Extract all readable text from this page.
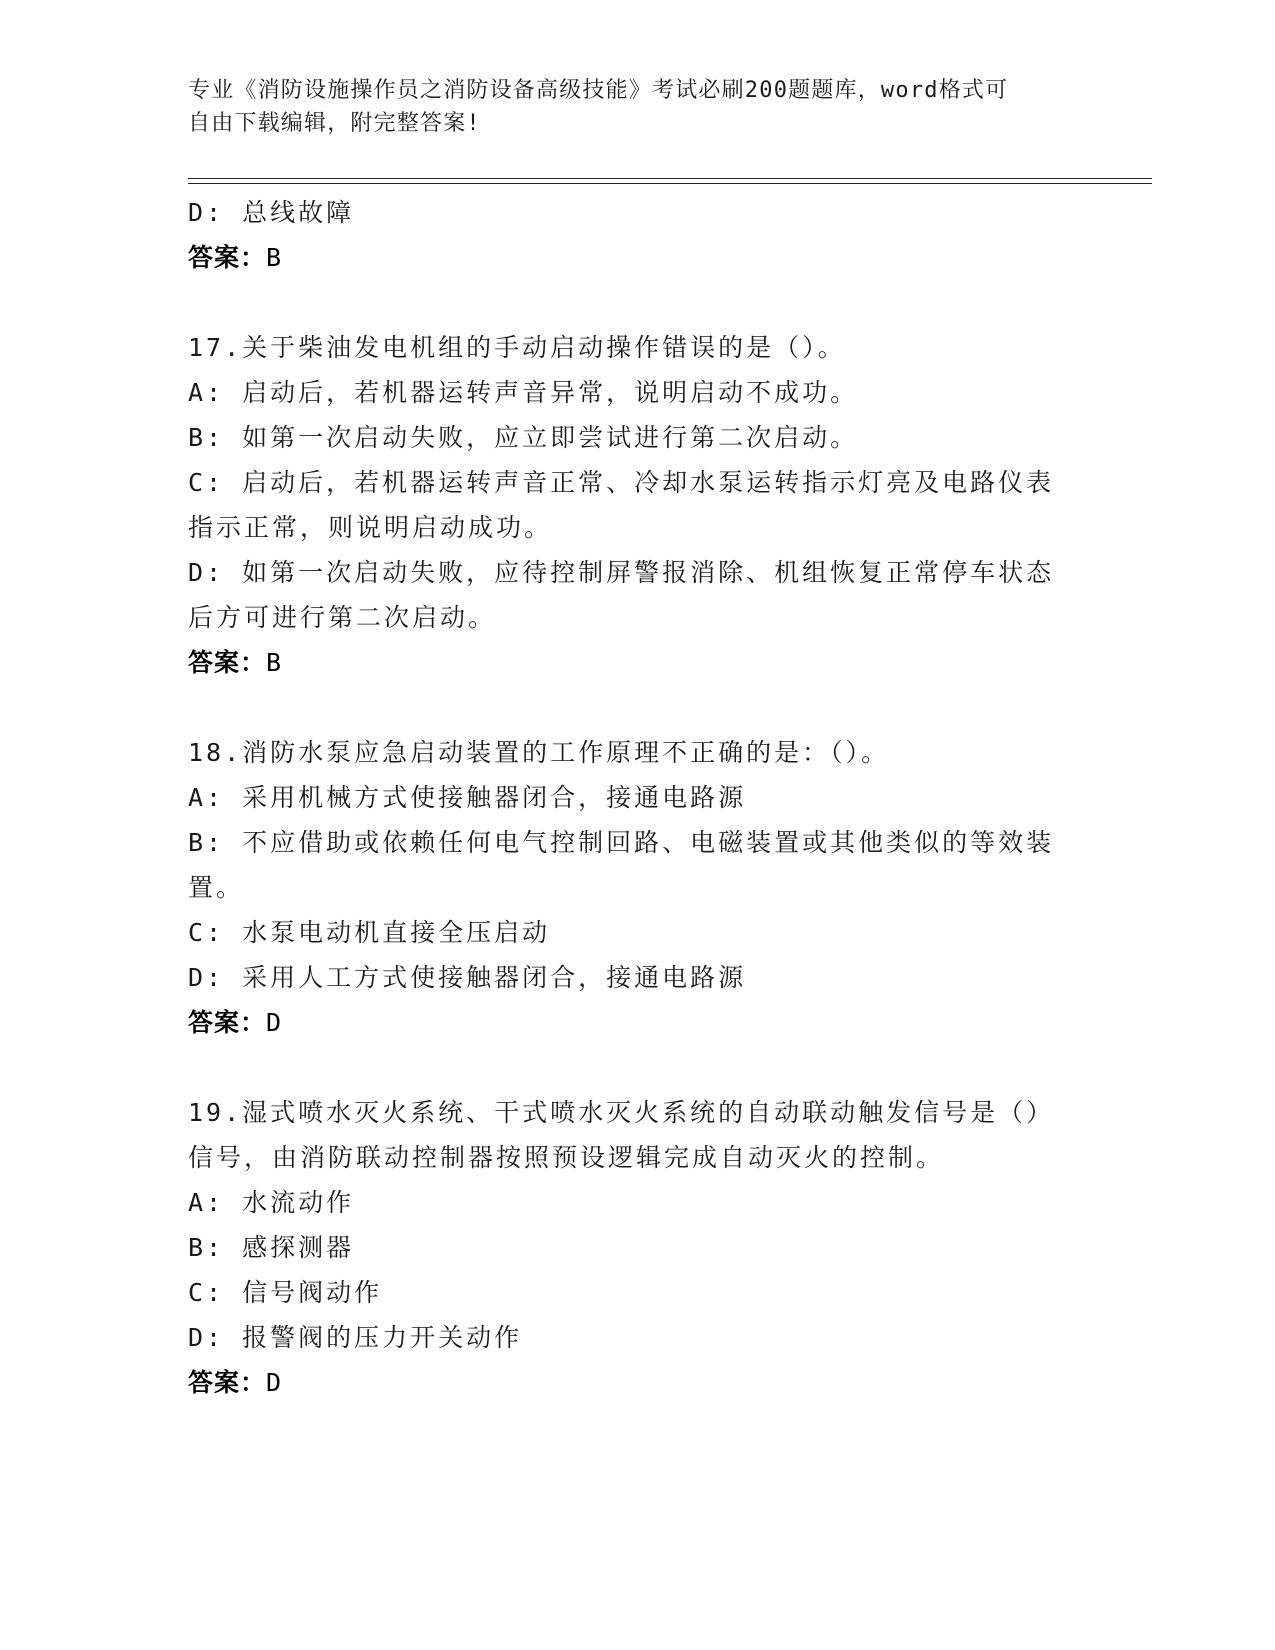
专业《消防设施操作员之消防设备高级技能》考试必刷200题题库，word格式可
自由下载编辑，附完整答案!
D: 总线故障
答案：B
17.关于柴油发电机组的手动启动操作错误的是（）。
A: 启动后，若机器运转声音异常，说明启动不成功。
B: 如第一次启动失败，应立即尝试进行第二次启动。
C: 启动后，若机器运转声音正常、冷却水泵运转指示灯亮及电路仪表指示正常，则说明启动成功。
D: 如第一次启动失败，应待控制屏警报消除、机组恢复正常停车状态后方可进行第二次启动。
答案：B
18.消防水泵应急启动装置的工作原理不正确的是：（）。
A: 采用机械方式使接触器闭合，接通电路源
B: 不应借助或依赖任何电气控制回路、电磁装置或其他类似的等效装置。
C: 水泵电动机直接全压启动
D: 采用人工方式使接触器闭合，接通电路源
答案：D
19.湿式喷水灭火系统、干式喷水灭火系统的自动联动触发信号是（）信号，由消防联动控制器按照预设逻辑完成自动灭火的控制。
A: 水流动作
B: 感探测器
C: 信号阀动作
D: 报警阀的压力开关动作
答案：D
